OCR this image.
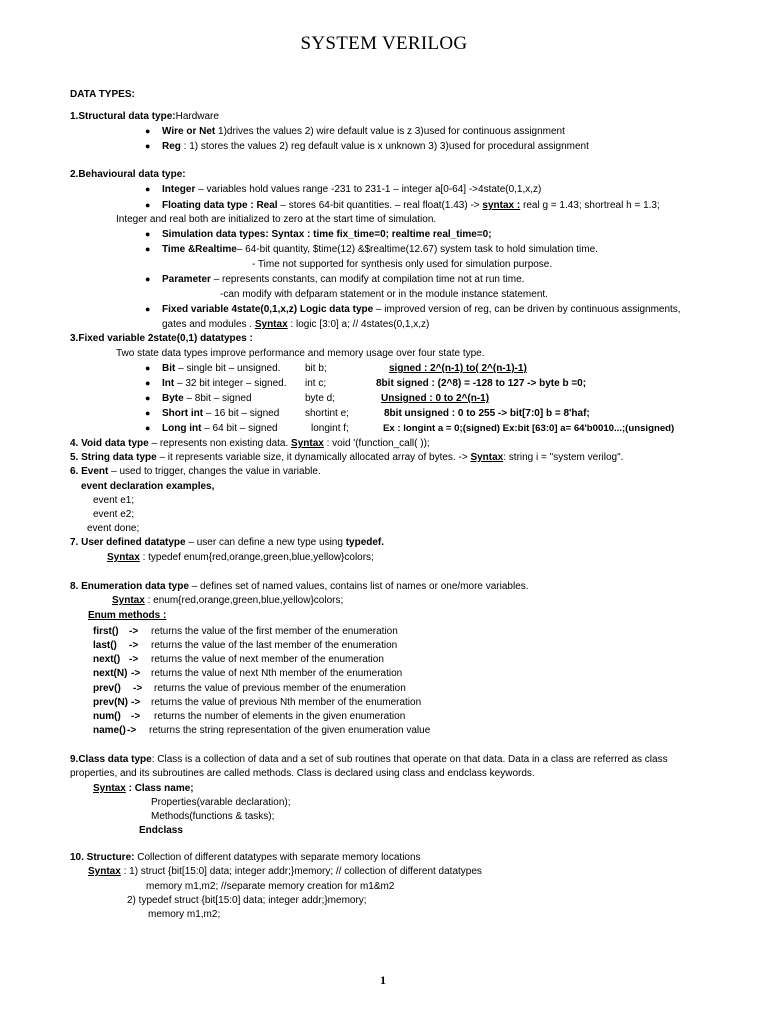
SYSTEM VERILOG
DATA TYPES:
1.Structural data type:Hardware
● Wire or Net 1)drives the values 2) wire default value is z 3)used for continuous assignment
● Reg : 1) stores the values 2) reg default value is x unknown 3) 3)used for procedural assignment
2.Behavioural data type:
● Integer – variables hold values range -231 to 231-1 – integer a[0-64] ->4state(0,1,x,z)
● Floating data type : Real – stores 64-bit quantities. – real float(1.43) -> syntax : real g = 1.43; shortreal h = 1.3;
Integer and real both are initialized to zero at the start time of simulation.
● Simulation data types: Syntax : time fix_time=0; realtime real_time=0;
● Time &Realtime– 64-bit quantity, $time(12) &$realtime(12.67) system task to hold simulation time.
- Time not supported for synthesis only used for simulation purpose.
● Parameter – represents constants, can modify at compilation time not at run time.
-can modify with defparam statement or in the module instance statement.
● Fixed variable 4state(0,1,x,z) Logic data type – improved version of reg, can be driven by continuous assignments,
gates and modules . Syntax : logic [3:0] a; // 4states(0,1,x,z)
3.Fixed variable 2state(0,1) datatypes :
Two state data types improve performance and memory usage over four state type.
● Bit – single bit – unsigned. bit b;	signed : 2^(n-1) to( 2^(n-1)-1)
● Int – 32 bit integer – signed. int c;	8bit signed : (2^8) = -128 to 127 -> byte b =0;
● Byte – 8bit – signed	byte d;	Unsigned : 0 to 2^(n-1)
● Short int – 16 bit – signed	shortint e;	8bit unsigned : 0 to 255 -> bit[7:0] b = 8'haf;
● Long int – 64 bit – signed	longint f;	Ex : longint a = 0;(signed) Ex:bit [63:0] a= 64'b0010...;(unsigned)
4. Void data type – represents non existing data. Syntax : void '(function_call( ));
5. String data type – it represents variable size, it dynamically allocated array of bytes. -> Syntax: string i = "system verilog".
6. Event – used to trigger, changes the value in variable.
event declaration examples,
event e1;
event e2;
event done;
7. User defined datatype – user can define a new type using typedef.
Syntax : typedef enum{red,orange,green,blue,yellow}colors;
8. Enumeration data type – defines set of named values, contains list of names or one/more variables.
Syntax : enum{red,orange,green,blue,yellow}colors;
Enum methods :
first() -> returns the value of the first member of the enumeration
last() -> returns the value of the last member of the enumeration
next() -> returns the value of next member of the enumeration
next(N) -> returns the value of next Nth member of the enumeration
prev() -> returns the value of previous member of the enumeration
prev(N) -> returns the value of previous Nth member of the enumeration
num() -> returns the number of elements in the given enumeration
name() -> returns the string representation of the given enumeration value
9.Class data type: Class is a collection of data and a set of sub routines that operate on that data. Data in a class are referred as class
properties, and its subroutines are called methods. Class is declared using class and endclass keywords.
Syntax : Class name;
Properties(varable declaration);
Methods(functions & tasks);
Endclass
10. Structure: Collection of different datatypes with separate memory locations
Syntax : 1) struct {bit[15:0] data; integer addr;}memory; // collection of different datatypes
memory m1,m2; //separate memory creation for m1&m2
2) typedef struct {bit[15:0] data; integer addr;}memory;
memory m1,m2;
1
